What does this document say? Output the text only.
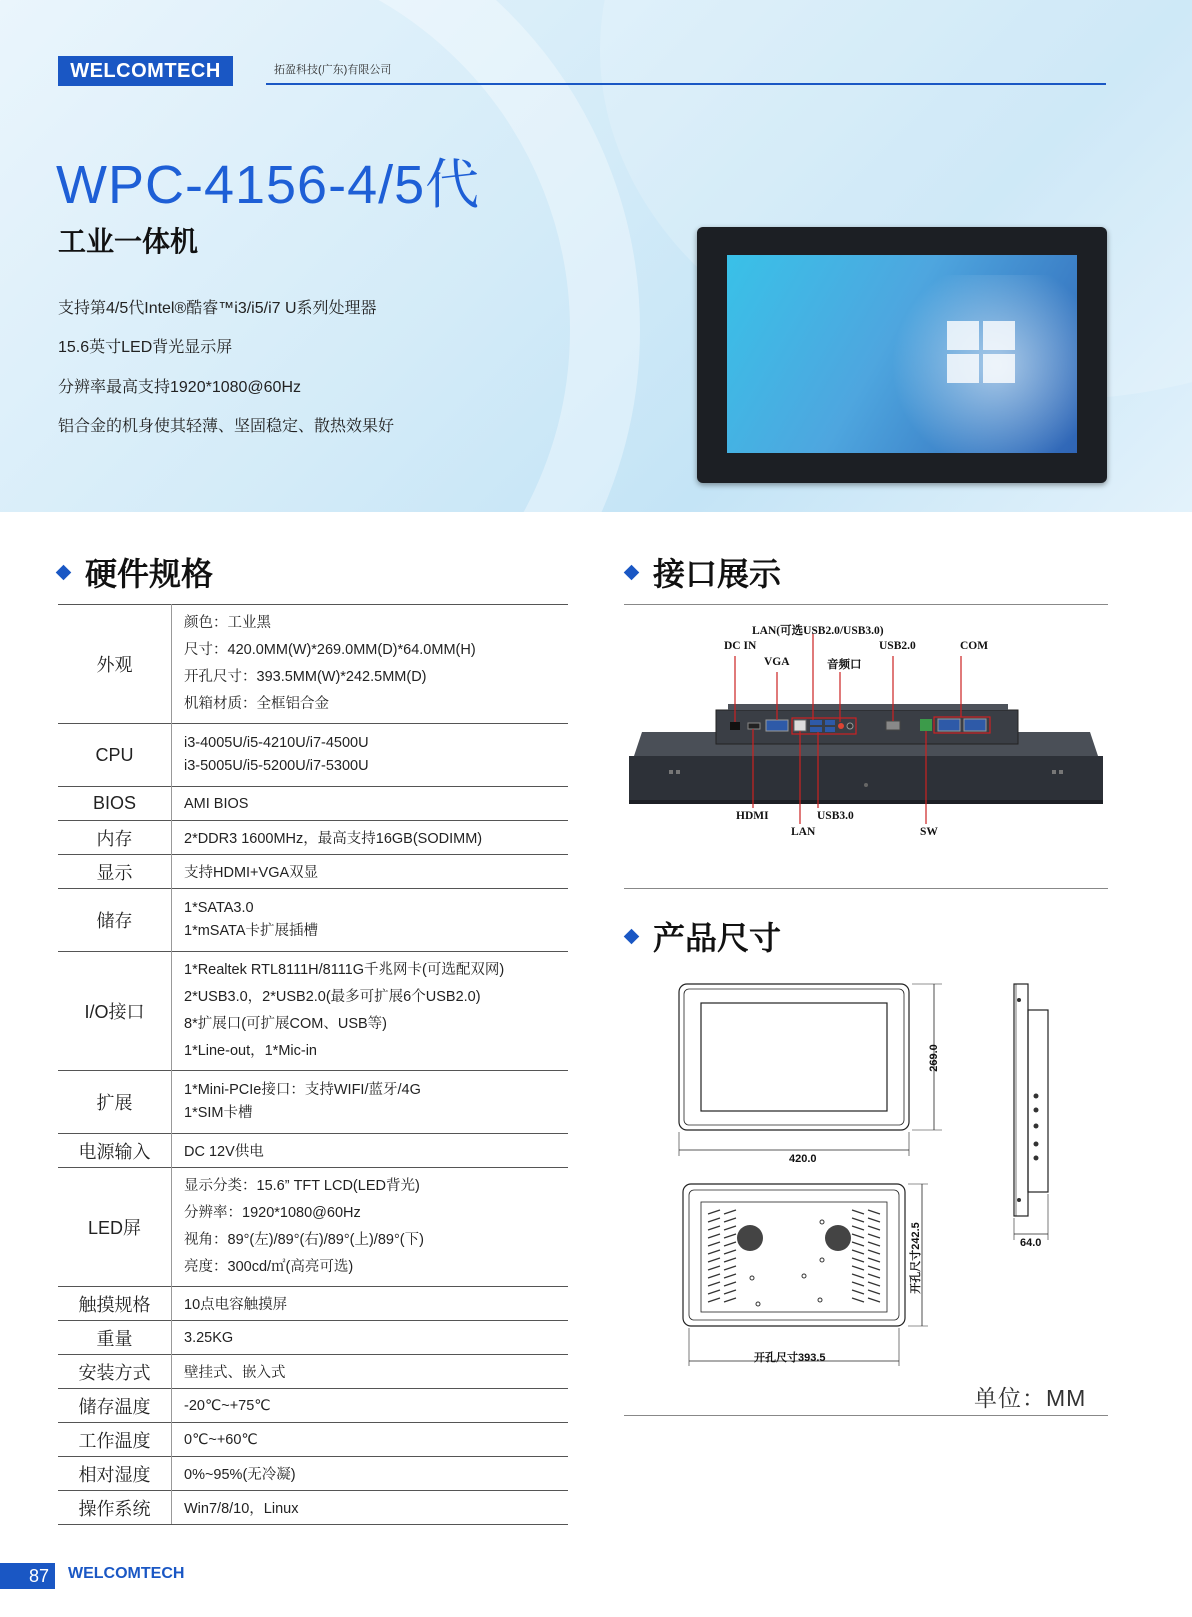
WELCOMTECH	拓盈科技(广东)有限公司
WPC-4156-4/5代
工业一体机
支持第4/5代Intel®酷睿™i3/i5/i7 U系列处理器
15.6英寸LED背光显示屏
分辨率最高支持1920*1080@60Hz
铝合金的机身使其轻薄、坚固稳定、散热效果好
硬件规格	接口展示
产品尺寸
外观	颜色：工业黑
尺寸：420.0MM(W)*269.0MM(D)*64.0MM(H)
开孔尺寸：393.5MM(W)*242.5MM(D)
机箱材质：全框铝合金

CPU	i3-4005U/i5-4210U/i7-4500U
i3-5005U/i5-5200U/i7-5300U

BIOS	AMI BIOS

内存	2*DDR3 1600MHz，最高支持16GB(SODIMM)

显示	支持HDMI+VGA双显

储存	1*SATA3.0
1*mSATA卡扩展插槽

I/O接口	1*Realtek RTL8111H/8111G千兆网卡(可选配双网)
2*USB3.0，2*USB2.0(最多可扩展6个USB2.0)
8*扩展口(可扩展COM、USB等)
1*Line-out，1*Mic-in

扩展	1*Mini-PCIe接口：支持WIFI/蓝牙/4G
1*SIM卡槽

电源输入	DC 12V供电

LED屏	显示分类：15.6” TFT LCD(LED背光)
分辨率：1920*1080@60Hz
视角：89°(左)/89°(右)/89°(上)/89°(下)
亮度：300cd/㎡(高亮可选)

触摸规格	10点电容触摸屏

重量	3.25KG

安装方式	壁挂式、嵌入式

储存温度	-20℃~+75℃

工作温度	0℃~+60℃

相对湿度	0%~95%(无冷凝)

操作系统	Win7/8/10，Linux
LAN(可选USB2.0/USB3.0)
DC IN
VGA	音频口
USB2.0	COM
HDMI	USB3.0
LAN	SW
420.0
269.0
开孔尺寸393.5
开孔尺寸242.5	64.0
单位：MM
87	WELCOMTECH
